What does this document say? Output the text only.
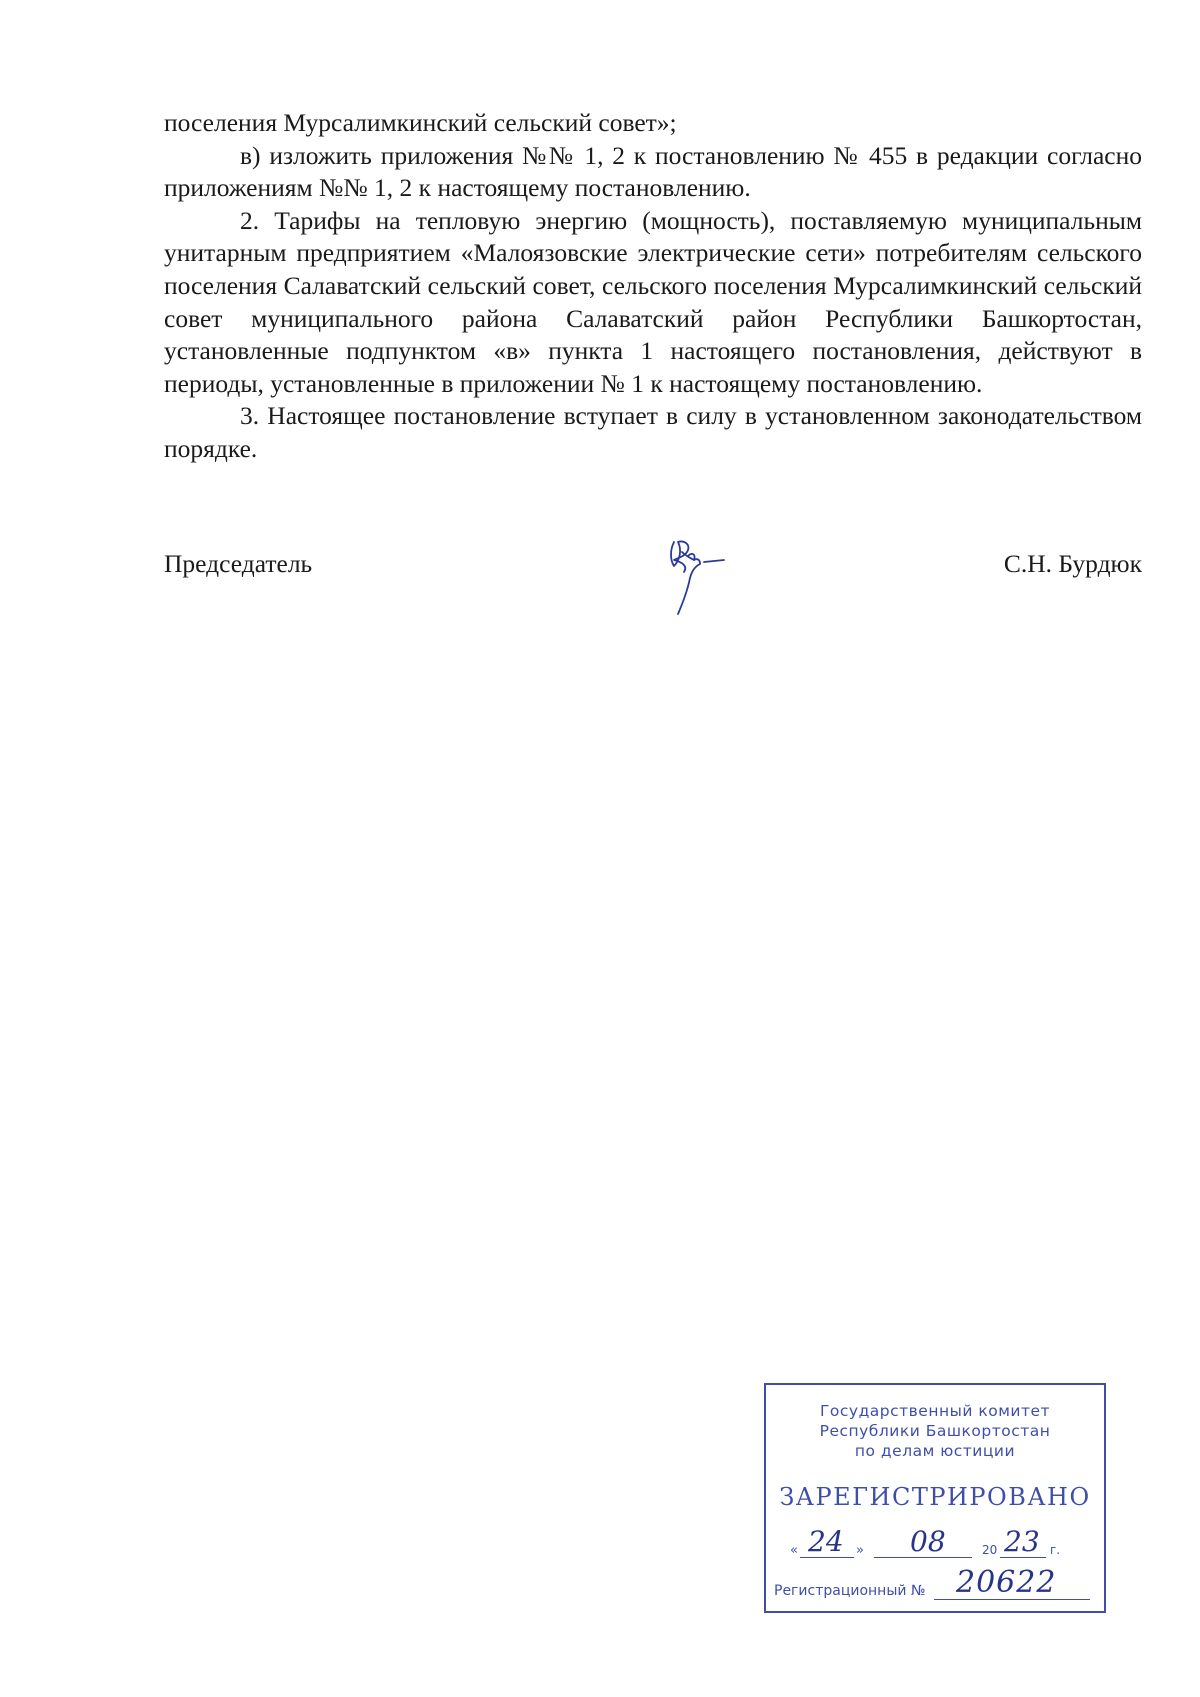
поселения Мурсалимкинский сельский совет»;

в) изложить приложения №№ 1, 2 к постановлению № 455 в редакции согласно приложениям №№ 1, 2 к настоящему постановлению.

2. Тарифы на тепловую энергию (мощность), поставляемую муниципальным унитарным предприятием «Малоязовские электрические сети» потребителям сельского поселения Салаватский сельский совет, сельского поселения Мурсалимкинский сельский совет муниципального района Салаватский район Республики Башкортостан, установленные подпунктом «в» пункта 1 настоящего постановления, действуют в периоды, установленные в приложении № 1 к настоящему постановлению.

3. Настоящее постановление вступает в силу в установленном законодательством порядке.

Председатель	С.Н. Бурдюк
Государственный комитет
Республики Башкортостан
по делам юстиции
ЗАРЕГИСТРИРОВАНО
« 24 » 08	20 23 г.
Регистрационный № 20622
